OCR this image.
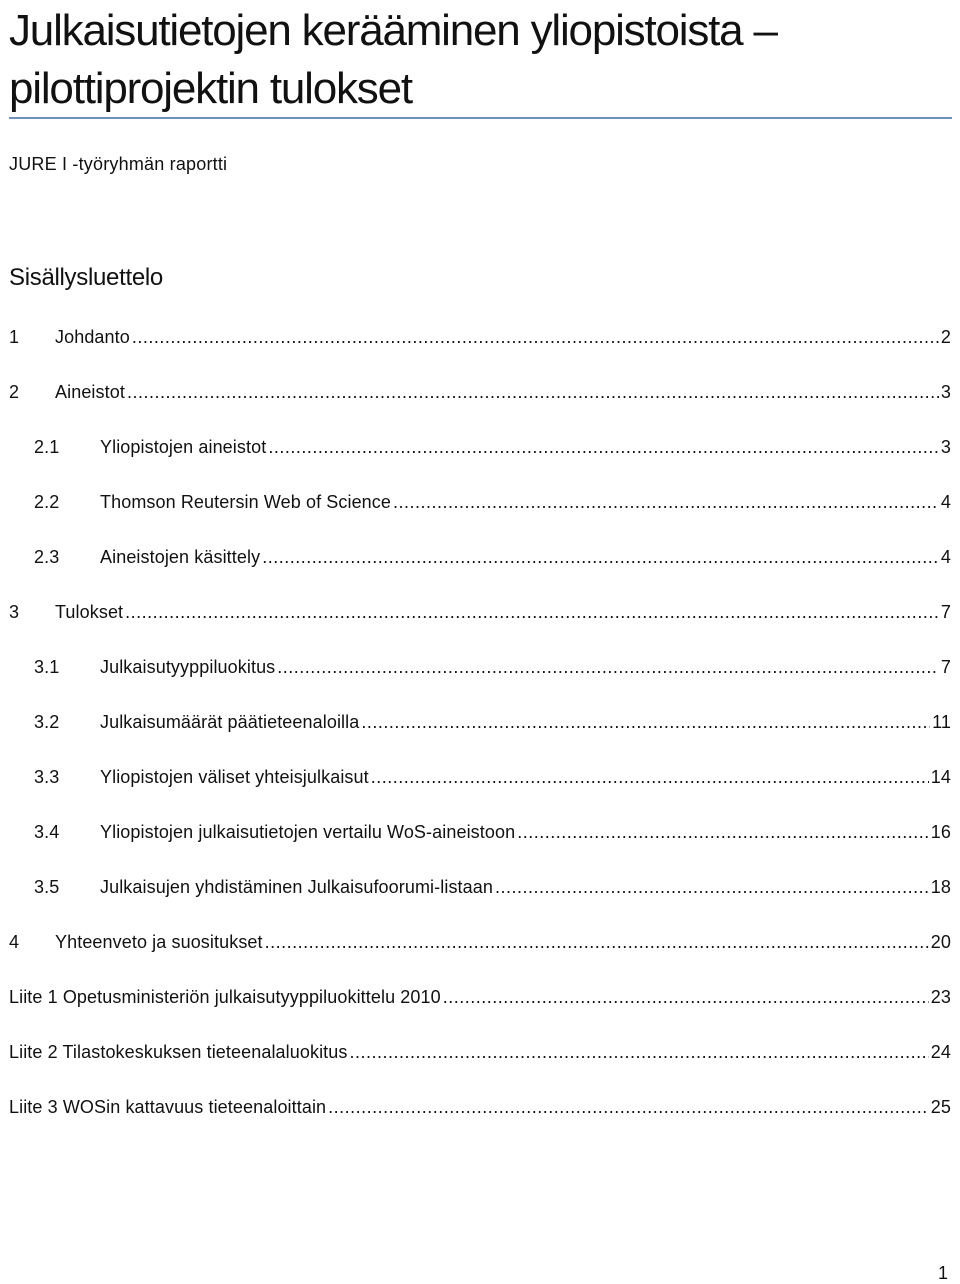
Julkaisutietojen kerääminen yliopistoista – pilottiprojektin tulokset
JURE I -työryhmän raportti
Sisällysluettelo
1	Johdanto .....	2
2	Aineistot .....	3
2.1	Yliopistojen aineistot .....	3
2.2	Thomson Reutersin Web of Science .....	4
2.3	Aineistojen käsittely .....	4
3	Tulokset .....	7
3.1	Julkaisutyyppiluokitus .....	7
3.2	Julkaisumäärät päätieteenaloilla .....	11
3.3	Yliopistojen väliset yhteisjulkaisut .....	14
3.4	Yliopistojen julkaisutietojen vertailu WoS-aineistoon .....	16
3.5	Julkaisujen yhdistäminen Julkaisufoorumi-listaan .....	18
4	Yhteenveto ja suositukset .....	20
Liite 1 Opetusministeriön julkaisutyyppiluokittelu 2010 .....	23
Liite 2 Tilastokeskuksen tieteenalaluokitus .....	24
Liite 3 WOSin kattavuus tieteenaloittain .....	25
1
